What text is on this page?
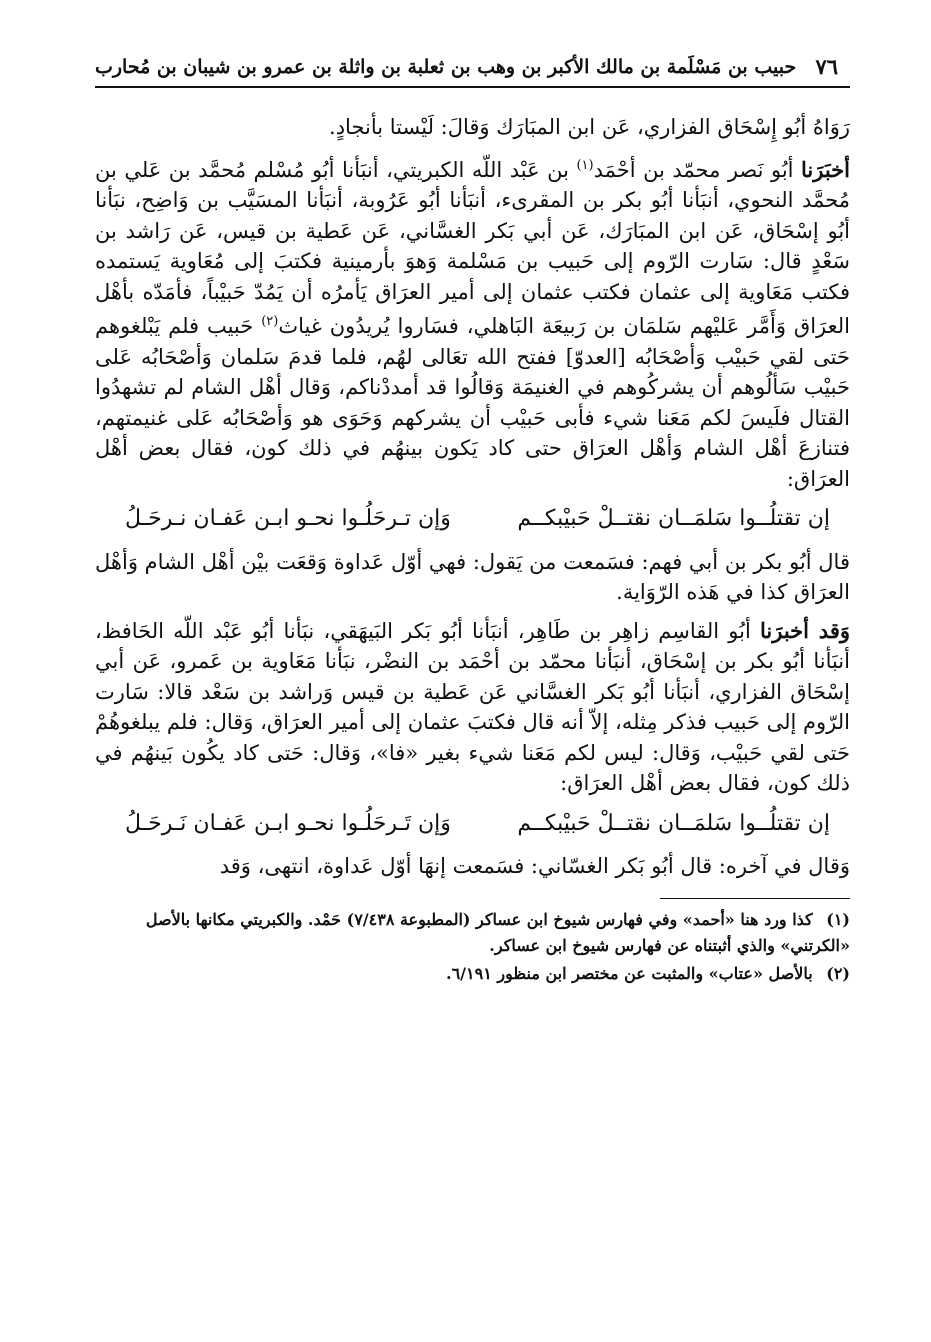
٧٦
حبيب بن مَسْلَمة بن مالك الأكبر بن وهب بن ثعلبة بن واثلة بن عمرو بن شيبان بن مُحارب

رَوَاهُ أبُو إِسْحَاق الفزاري، عَن ابن المبَارَك وَقالَ: لَيْستا بأنجادٍ.

أخبَرَنا أبُو نَصر محمّد بن أحْمَد$^{(١)}$ بن عَبْد اللّه الكبريتي، أنبَأنا أبُو مُسْلم مُحمَّد بن عَلي بن مُحمَّد النحوي، أنبَأنا أبُو بكر بن المقرىء، أنبَأنا أبُو عَرُوبة، أنبَأنا المسَيَّب بن وَاضِح، نبَأنا أبُو إسْحَاق، عَن ابن المبَارَك، عَن أبي بَكر الغسَّاني، عَن عَطية بن قيس، عَن رَاشد بن سَعْدٍ قال: سَارت الرّوم إلى حَبيب بن مَسْلمة وَهوَ بأرمينية فكتبَ إلى مُعَاوية يَستمده فكتب مَعَاوية إلى عثمان فكتب عثمان إلى أمير العرَاق يَأمرُه أن يَمُدّ حَبيْباً، فأمَدّه بأهْل العرَاق وَأَمَّر عَليْهم سَلمَان بن رَبيعَة البَاهلي، فسَاروا يُريدُون غياث$^{(٢)}$ حَبيب فلم يَبْلغوهم حَتى لقي حَبيْب وَأصْحَابُه [العدوّ] ففتح الله تعَالى لهُم، فلما قدمَ سَلمان وَأصْحَابُه عَلى حَبيْب سَألُوهم أن يشركُوهم في الغنيمَة وَقالُوا قد أمددْناكم، وَقال أهْل الشام لم تشهدُوا القتال فلَيسَ لكم مَعَنا شيء فأبى حَبيْب أن يشركهم وَحَوَى هو وَأصْحَابُه عَلى غنيمتهم، فتنازعَ أهْل الشام وَأهْل العرَاق حتى كاد يَكون بينهُم في ذلك كون، فقال بعض أهْل العرَاق:

إن تقتلُــوا سَلمَــان نقتــلْ حَبيْبكــم
وَإن تـرحَلُـوا نحـو ابـن عَفـان نـرحَـلُ

قال أبُو بكر بن أبي فهم: فسَمعت من يَقول: فهي أوّل عَداوة وَقعَت بيْن أهْل الشام وَأهْل العرَاق كذا في هَذه الرّوَاية.

وَقد أخبرَنا أبُو القاسِم زاهِر بن طَاهِر، أنبَأنا أبُو بَكر البَيهَقي، نبَأنا أبُو عَبْد اللّه الحَافظ، أنبَأنا أبُو بكر بن إسْحَاق، أنبَأنا محمّد بن أحْمَد بن النضْر، نبَأنا مَعَاوية بن عَمرو، عَن أبي إسْحَاق الفزاري، أنبَأنا أبُو بَكر الغسَّاني عَن عَطية بن قيس وَراشد بن سَعْد قالا: سَارت الرّوم إلى حَبيب فذكر مِثله، إلاّ أنه قال فكتبَ عثمان إلى أمير العرَاق، وَقال: فلم يبلغوهُمْ حَتى لقي حَبيْب، وَقال: ليس لكم مَعَنا شيء بغير «فا»، وَقال: حَتى كاد يكُون بَينهُم في ذلك كون، فقال بعض أهْل العرَاق:

إن تقتلُــوا سَلمَــان نقتــلْ حَبيْبكــم
وَإن تَـرحَلُـوا نحـو ابـن عَفـان نَـرحَـلُ

وَقال في آخره: قال أبُو بَكر الغسّاني: فسَمعت إنهَا أوّل عَداوة، انتهى، وَقد

(١) كذا ورد هنا «أحمد» وفي فهارس شيوخ ابن عساكر (المطبوعة ٧/٤٣٨) حَمْد. والكبريتي مكانها بالأصل «الكرتني» والذي أثبتناه عن فهارس شيوخ ابن عساكر.

(٢) بالأصل «عتاب» والمثبت عن مختصر ابن منظور ٦/١٩١.
